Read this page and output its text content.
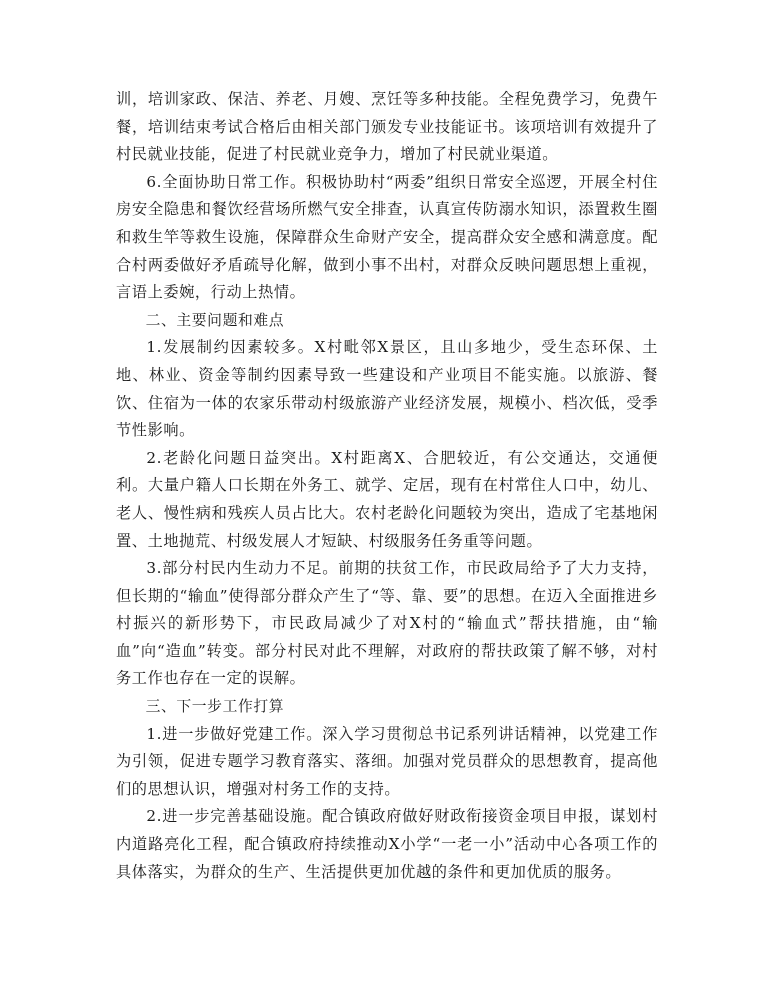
训，培训家政、保洁、养老、月嫂、烹饪等多种技能。全程免费学习，免费午餐，培训结束考试合格后由相关部门颁发专业技能证书。该项培训有效提升了村民就业技能，促进了村民就业竞争力，增加了村民就业渠道。

6.全面协助日常工作。积极协助村“两委”组织日常安全巡逻，开展全村住房安全隐患和餐饮经营场所燃气安全排查，认真宣传防溺水知识，添置救生圈和救生竿等救生设施，保障群众生命财产安全，提高群众安全感和满意度。配合村两委做好矛盾疏导化解，做到小事不出村，对群众反映问题思想上重视，言语上委婉，行动上热情。

二、主要问题和难点

1.发展制约因素较多。X村毗邻X景区，且山多地少，受生态环保、土地、林业、资金等制约因素导致一些建设和产业项目不能实施。以旅游、餐饮、住宿为一体的农家乐带动村级旅游产业经济发展，规模小、档次低，受季节性影响。

2.老龄化问题日益突出。X村距离X、合肥较近，有公交通达，交通便利。大量户籍人口长期在外务工、就学、定居，现有在村常住人口中，幼儿、老人、慢性病和残疾人员占比大。农村老龄化问题较为突出，造成了宅基地闲置、土地抛荒、村级发展人才短缺、村级服务任务重等问题。

3.部分村民内生动力不足。前期的扶贫工作，市民政局给予了大力支持，但长期的“输血”使得部分群众产生了“等、靠、要”的思想。在迈入全面推进乡村振兴的新形势下，市民政局减少了对X村的“输血式”帮扶措施，由“输血”向“造血”转变。部分村民对此不理解，对政府的帮扶政策了解不够，对村务工作也存在一定的误解。

三、下一步工作打算

1.进一步做好党建工作。深入学习贯彻总书记系列讲话精神，以党建工作为引领，促进专题学习教育落实、落细。加强对党员群众的思想教育，提高他们的思想认识，增强对村务工作的支持。

2.进一步完善基础设施。配合镇政府做好财政衔接资金项目申报，谋划村内道路亮化工程，配合镇政府持续推动X小学“一老一小”活动中心各项工作的具体落实，为群众的生产、生活提供更加优越的条件和更加优质的服务。
